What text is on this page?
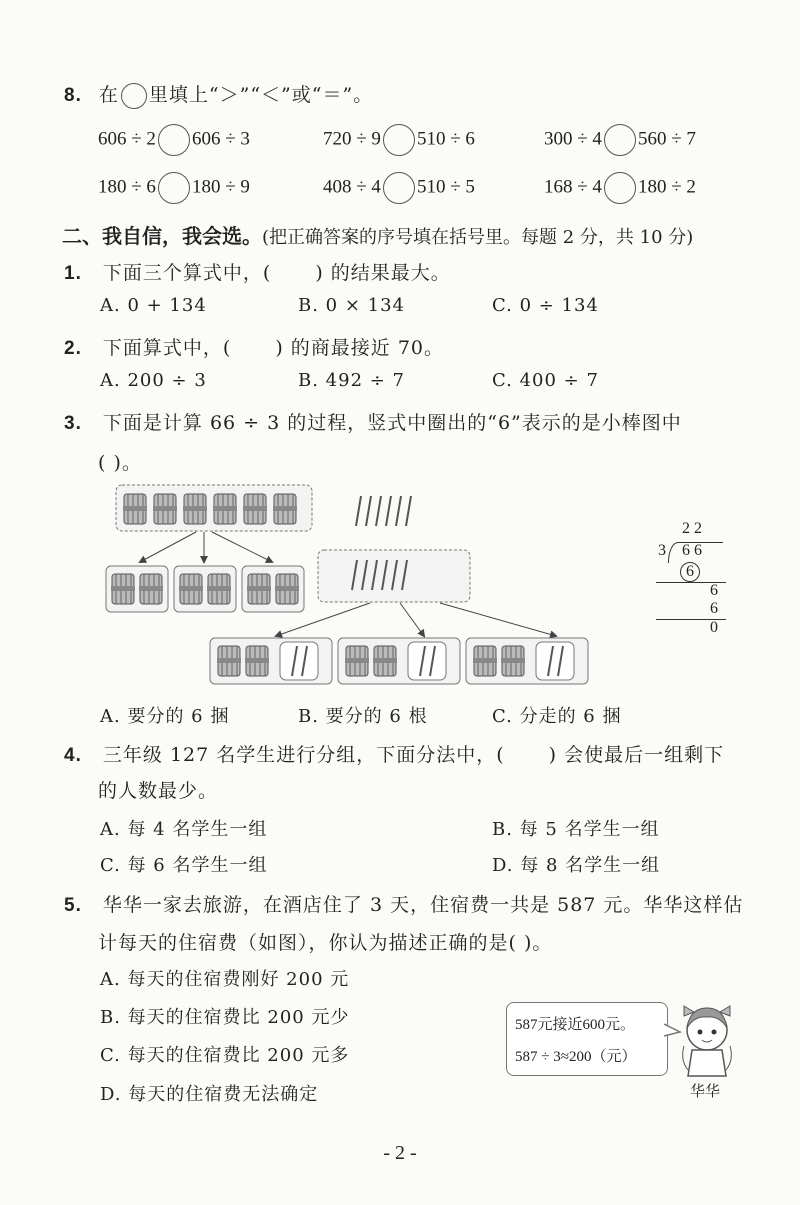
8. 在 里填上“＞”“＜”或“＝”。
606 ÷ 2 606 ÷ 3	720 ÷ 9 510 ÷ 6	300 ÷ 4 560 ÷ 7
180 ÷ 6 180 ÷ 9	408 ÷ 4 510 ÷ 5	168 ÷ 4 180 ÷ 2
二、我自信，我会选。(把正确答案的序号填在括号里。每题 2 分，共 10 分)
1. 下面三个算式中，( ) 的结果最大。
A. 0 + 134	B. 0 × 134	C. 0 ÷ 134
2. 下面算式中，( ) 的商最接近 70。
A. 200 ÷ 3	B. 492 ÷ 7	C. 400 ÷ 7
3. 下面是计算 66 ÷ 3 的过程，竖式中圈出的“6”表示的是小棒图中
( )。
2 2
3 6 6
6
6
6
0
A. 要分的 6 捆	B. 要分的 6 根	C. 分走的 6 捆
4. 三年级 127 名学生进行分组，下面分法中，( ) 会使最后一组剩下
的人数最少。
A. 每 4 名学生一组	B. 每 5 名学生一组
C. 每 6 名学生一组	D. 每 8 名学生一组
5. 华华一家去旅游，在酒店住了 3 天，住宿费一共是 587 元。华华这样估
计每天的住宿费（如图），你认为描述正确的是( )。
A. 每天的住宿费刚好 200 元
B. 每天的住宿费比 200 元少
C. 每天的住宿费比 200 元多
D. 每天的住宿费无法确定
587元接近600元。
587 ÷ 3≈200（元）
华华
- 2 -
